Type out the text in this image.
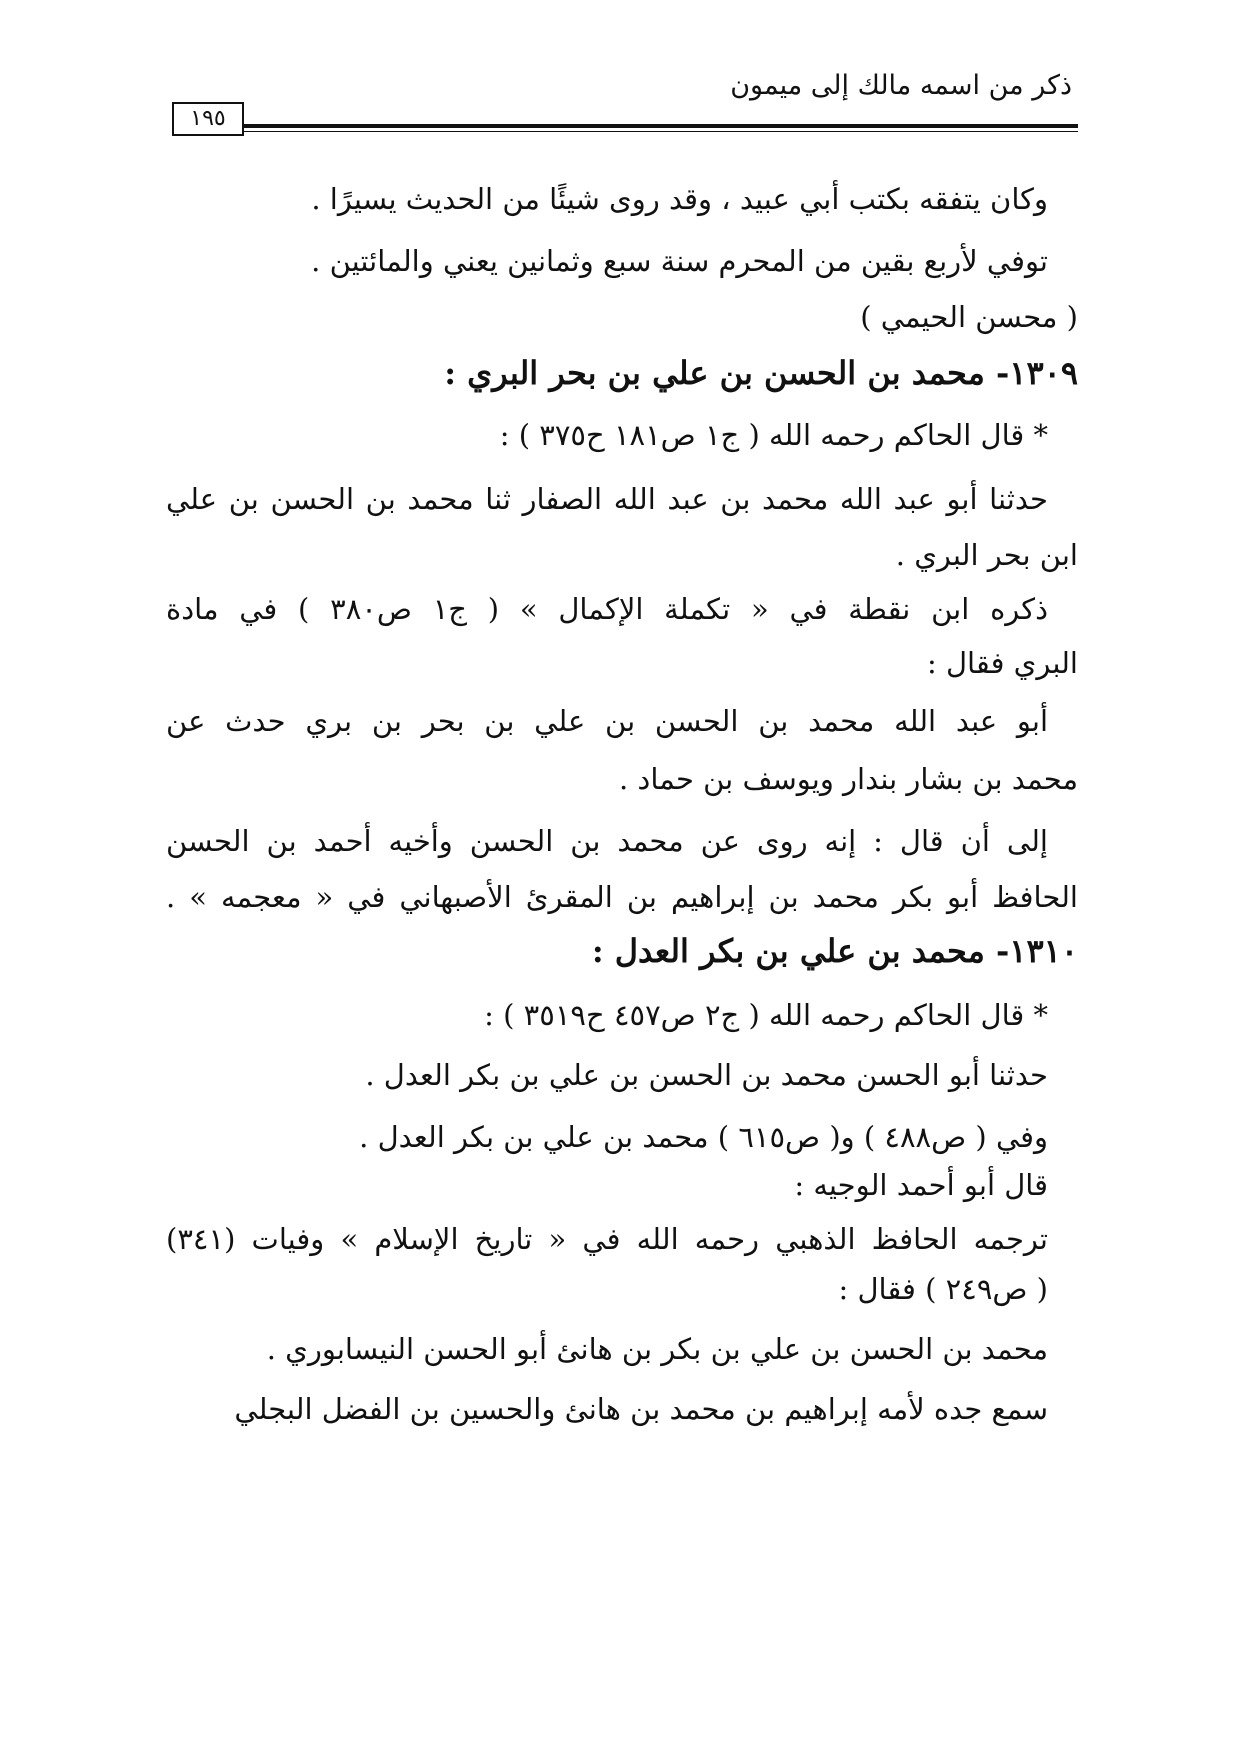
ذكر من اسمه مالك إلى ميمون
١٩٥
وكان يتفقه بكتب أبي عبيد ، وقد روى شيئًا من الحديث يسيرًا .
توفي لأربع بقين من المحرم سنة سبع وثمانين يعني والمائتين .
( محسن الحيمي )
١٣٠٩- محمد بن الحسن بن علي بن بحر البري :
* قال الحاكم رحمه الله ( ج١ ص١٨١ ح٣٧٥ ) :
حدثنا أبو عبد الله محمد بن عبد الله الصفار ثنا محمد بن الحسن بن علي
ابن بحر البري .
ذكره ابن نقطة في « تكملة الإكمال » ( ج١ ص٣٨٠ ) في مادة
البري فقال :
أبو عبد الله محمد بن الحسن بن علي بن بحر بن بري حدث عن
محمد بن بشار بندار ويوسف بن حماد .
إلى أن قال : إنه روى عن محمد بن الحسن وأخيه أحمد بن الحسن
الحافظ أبو بكر محمد بن إبراهيم بن المقرئ الأصبهاني في « معجمه » .
١٣١٠- محمد بن علي بن بكر العدل :
* قال الحاكم رحمه الله ( ج٢ ص٤٥٧ ح٣٥١٩ ) :
حدثنا أبو الحسن محمد بن الحسن بن علي بن بكر العدل .
وفي ( ص٤٨٨ ) و( ص٦١٥ ) محمد بن علي بن بكر العدل .
قال أبو أحمد الوجيه :
ترجمه الحافظ الذهبي رحمه الله في « تاريخ الإسلام » وفيات (٣٤١)
( ص٢٤٩ ) فقال :
محمد بن الحسن بن علي بن بكر بن هانئ أبو الحسن النيسابوري .
سمع جده لأمه إبراهيم بن محمد بن هانئ والحسين بن الفضل البجلي
